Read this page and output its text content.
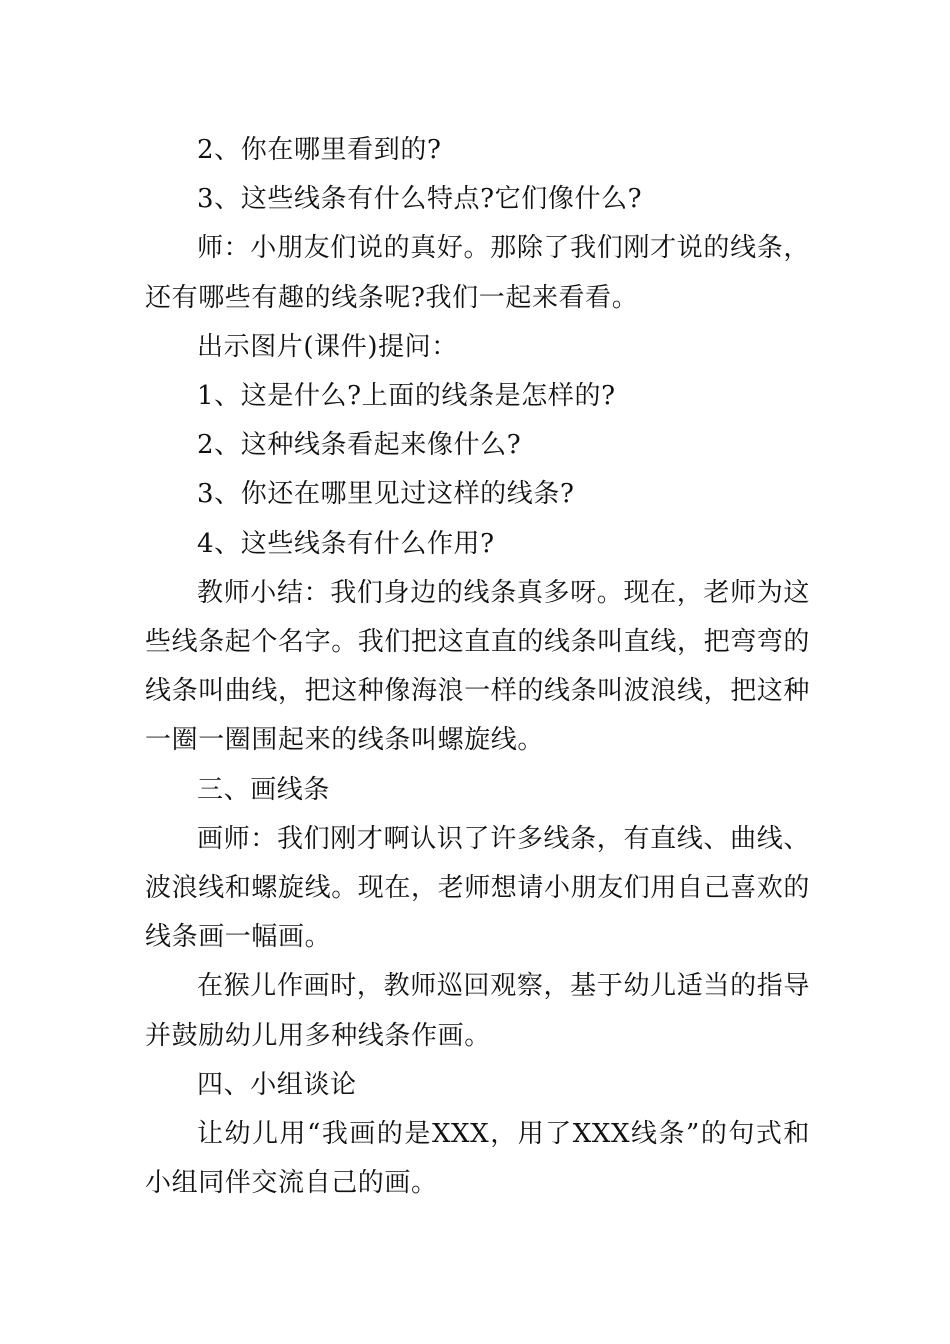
2、你在哪里看到的?

3、这些线条有什么特点?它们像什么?

师：小朋友们说的真好。那除了我们刚才说的线条，还有哪些有趣的线条呢?我们一起来看看。

出示图片(课件)提问：

1、这是什么?上面的线条是怎样的?

2、这种线条看起来像什么?

3、你还在哪里见过这样的线条?

4、这些线条有什么作用?

教师小结：我们身边的线条真多呀。现在，老师为这些线条起个名字。我们把这直直的线条叫直线，把弯弯的线条叫曲线，把这种像海浪一样的线条叫波浪线，把这种一圈一圈围起来的线条叫螺旋线。

三、画线条

画师：我们刚才啊认识了许多线条，有直线、曲线、波浪线和螺旋线。现在，老师想请小朋友们用自己喜欢的线条画一幅画。

在猴儿作画时，教师巡回观察，基于幼儿适当的指导并鼓励幼儿用多种线条作画。

四、小组谈论

让幼儿用“我画的是XXX，用了XXX线条”的句式和小组同伴交流自己的画。
